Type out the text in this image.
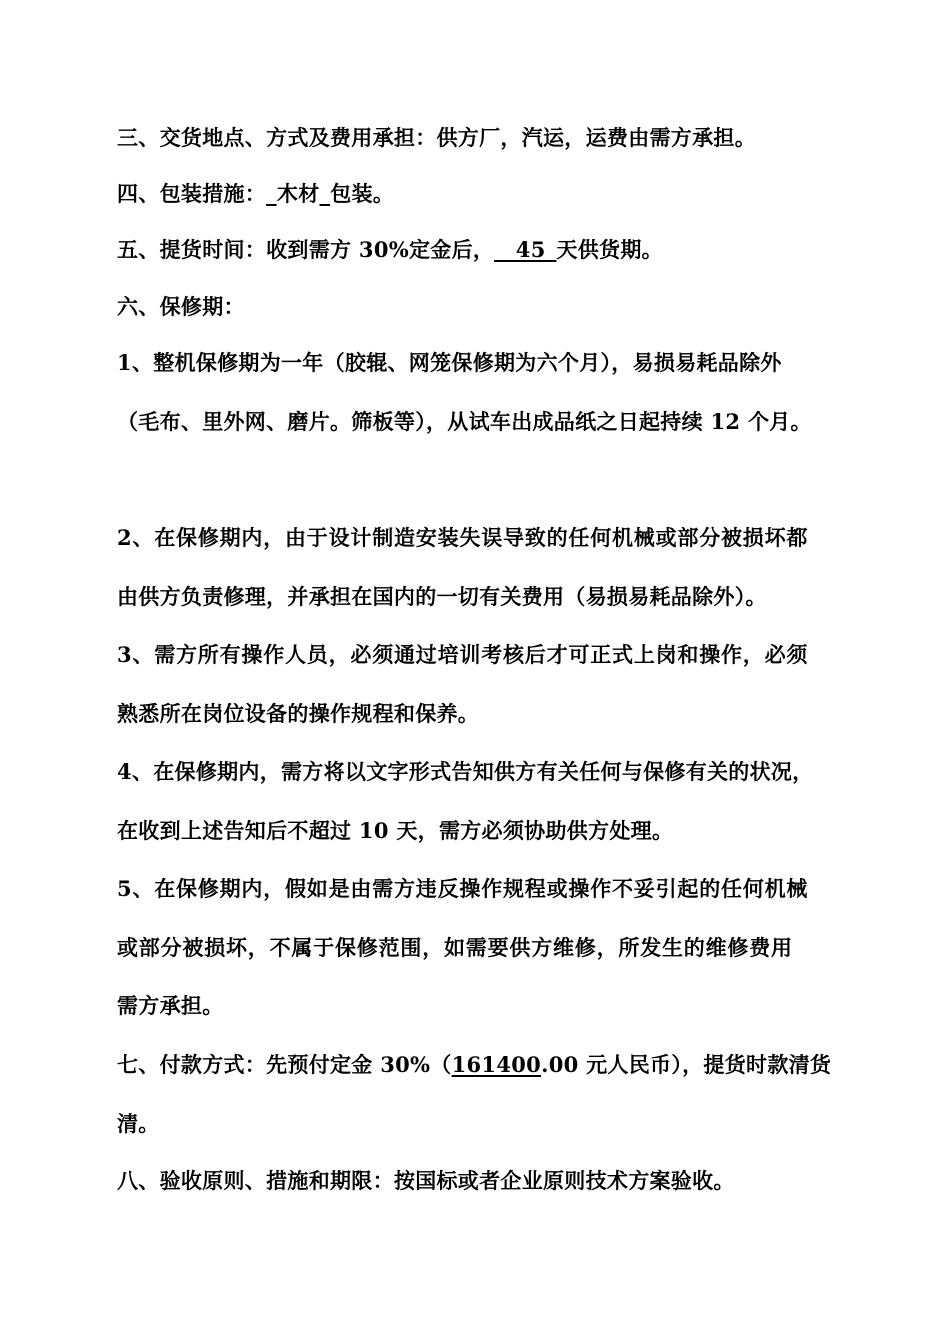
三、交货地点、方式及费用承担：供方厂，汽运，运费由需方承担。
四、包装措施：_木材_包装。
五、提货时间：收到需方 30%定金后，__45_天供货期。
六、保修期：
1、整机保修期为一年（胶辊、网笼保修期为六个月），易损易耗品除外
（毛布、里外网、磨片。筛板等），从试车出成品纸之日起持续 12 个月。
2、在保修期内，由于设计制造安装失误导致的任何机械或部分被损坏都
由供方负责修理，并承担在国内的一切有关费用（易损易耗品除外）。
3、需方所有操作人员，必须通过培训考核后才可正式上岗和操作，必须
熟悉所在岗位设备的操作规程和保养。
4、在保修期内，需方将以文字形式告知供方有关任何与保修有关的状况，
在收到上述告知后不超过 10 天，需方必须协助供方处理。
5、在保修期内，假如是由需方违反操作规程或操作不妥引起的任何机械
或部分被损坏，不属于保修范围，如需要供方维修，所发生的维修费用
需方承担。
七、付款方式：先预付定金 30%（161400.00 元人民币），提货时款清货
清。
八、验收原则、措施和期限：按国标或者企业原则技术方案验收。
